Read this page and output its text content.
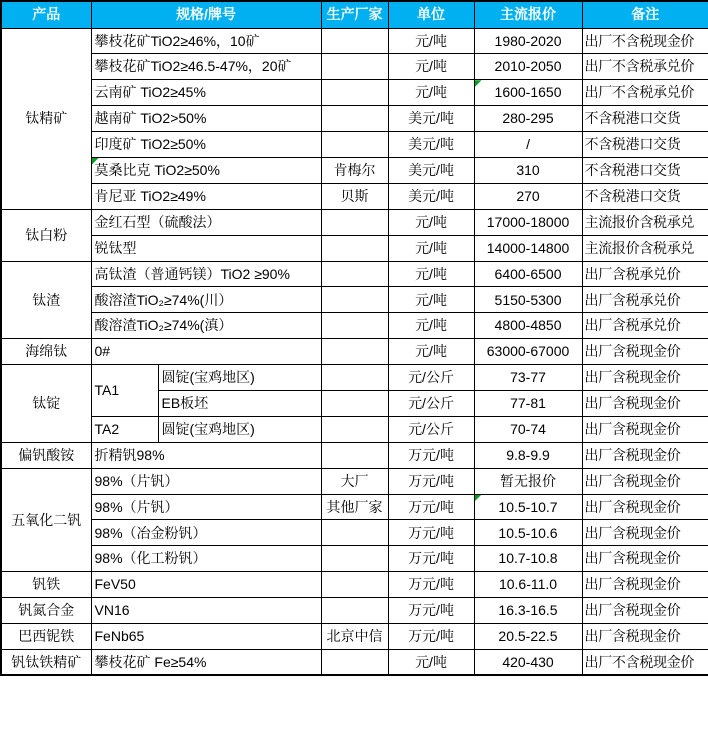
产品	规格/牌号		生产厂家	单位	主流报价	备注
钛精矿	攀枝花矿TiO2≥46%，10矿			元/吨	1980-2020	出厂不含税现金价
	攀枝花矿TiO2≥46.5-47%，20矿			元/吨	2010-2050	出厂不含税承兑价
	云南矿 TiO2≥45%			元/吨	1600-1650	出厂不含税承兑价
	越南矿 TiO2>50%			美元/吨	280-295	不含税港口交货
	印度矿 TiO2≥50%			美元/吨	/	不含税港口交货
	莫桑比克 TiO2≥50%		肯梅尔	美元/吨	310	不含税港口交货
	肯尼亚 TiO2≥49%		贝斯	美元/吨	270	不含税港口交货
钛白粉	金红石型（硫酸法）			元/吨	17000-18000	主流报价含税承兑
	锐钛型			元/吨	14000-14800	主流报价含税承兑
钛渣	高钛渣（普通钙镁）TiO2 ≥90%			元/吨	6400-6500	出厂含税承兑价
	酸溶渣TiO₂≥74%(川）			元/吨	5150-5300	出厂含税承兑价
	酸溶渣TiO₂≥74%(滇）			元/吨	4800-4850	出厂含税承兑价
海绵钛	0#			元/吨	63000-67000	出厂含税现金价
钛锭	TA1	圆锭(宝鸡地区)		元/公斤	73-77	出厂含税现金价
		EB板坯		元/公斤	77-81	出厂含税现金价
	TA2	圆锭(宝鸡地区)		元/公斤	70-74	出厂含税现金价
偏钒酸铵	折精钒98%			万元/吨	9.8-9.9	出厂含税现金价
五氧化二钒	98%（片钒）		大厂	万元/吨	暂无报价	出厂含税现金价
	98%（片钒）		其他厂家	万元/吨	10.5-10.7	出厂含税现金价
	98%（冶金粉钒）			万元/吨	10.5-10.6	出厂含税现金价
	98%（化工粉钒）			万元/吨	10.7-10.8	出厂含税现金价
钒铁	FeV50			万元/吨	10.6-11.0	出厂含税现金价
钒氮合金	VN16			万元/吨	16.3-16.5	出厂含税现金价
巴西铌铁	FeNb65		北京中信	万元/吨	20.5-22.5	出厂含税现金价
钒钛铁精矿	攀枝花矿 Fe≥54%			元/吨	420-430	出厂不含税现金价
